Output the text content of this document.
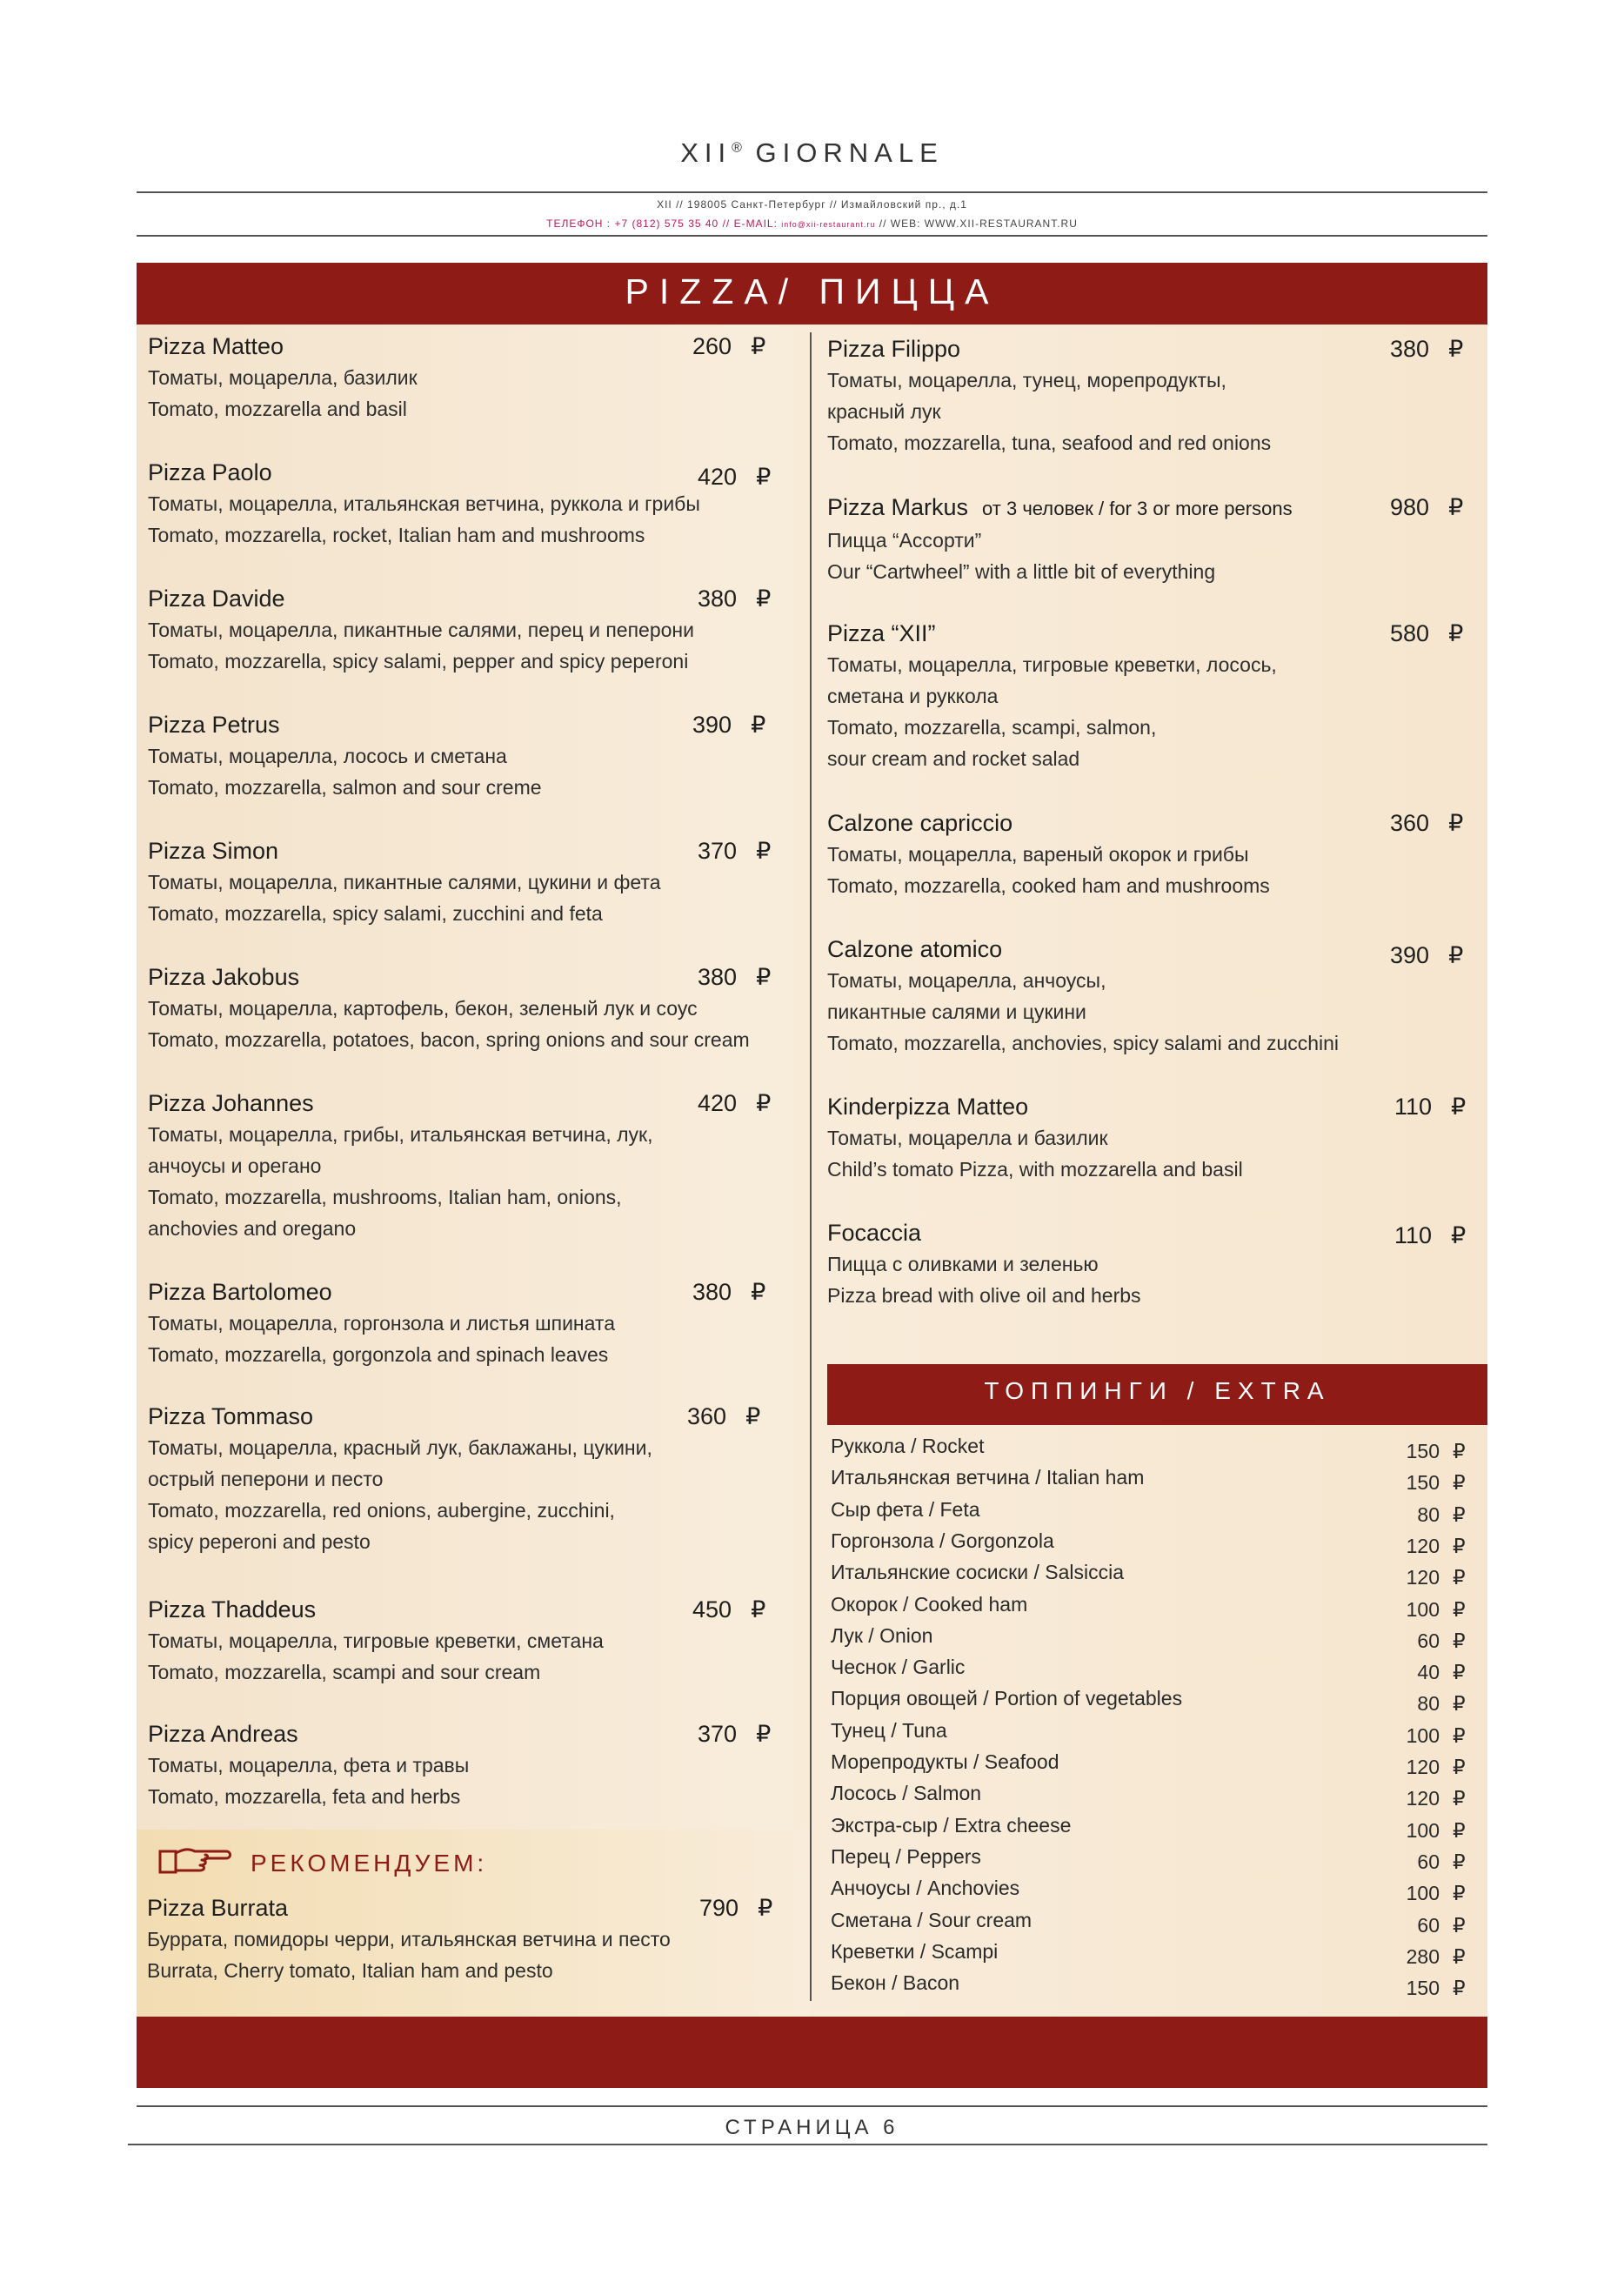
XII® GIORNALE
XII // 198005 Санкт-Петербург // Измайловский пр., д.1
ТЕЛЕФОН : +7 (812) 575 35 40 // E-MAIL: info@xii-restaurant.ru // WEB: WWW.XII-RESTAURANT.RU
PIZZA/ ПИЦЦА
Pizza Matteo
Томаты, моцарелла, базилик
Tomato, mozzarella and basil
260 ₽
Pizza Paolo
Томаты, моцарелла, итальянская ветчина, руккола и грибы
Tomato, mozzarella, rocket, Italian ham and mushrooms
420 ₽
Pizza Davide
Томаты, моцарелла, пикантные салями, перец и пеперони
Tomato, mozzarella, spicy salami, pepper and spicy peperoni
380 ₽
Pizza Petrus
Томаты, моцарелла, лосось и сметана
Tomato, mozzarella, salmon and sour creme
390 ₽
Pizza Simon
Томаты, моцарелла, пикантные салями, цукини и фета
Tomato, mozzarella, spicy salami, zucchini and feta
370 ₽
Pizza Jakobus
Томаты, моцарелла, картофель, бекон, зеленый лук и соус
Tomato, mozzarella, potatoes, bacon, spring onions and sour cream
380 ₽
Pizza Johannes
Томаты, моцарелла, грибы, итальянская ветчина, лук,
анчоусы и орегано
Tomato, mozzarella, mushrooms, Italian ham, onions,
anchovies and oregano
420 ₽
Pizza Bartolomeo
Томаты, моцарелла, горгонзола и листья шпината
Tomato, mozzarella, gorgonzola and spinach leaves
380 ₽
Pizza Tommaso
Томаты, моцарелла, красный лук, баклажаны, цукини,
острый пеперони и песто
Tomato, mozzarella, red onions, aubergine, zucchini,
spicy peperoni and pesto
360 ₽
Pizza Thaddeus
Томаты, моцарелла, тигровые креветки, сметана
Tomato, mozzarella, scampi and sour cream
450 ₽
Pizza Andreas
Томаты, моцарелла, фета и травы
Tomato, mozzarella, feta and herbs
370 ₽
РЕКОМЕНДУЕМ:
Pizza Burrata
Буррата, помидоры черри, итальянская ветчина и песто
Burrata, Cherry tomato, Italian ham and pesto
790 ₽
Pizza Filippo
Томаты, моцарелла, тунец, морепродукты,
красный лук
Tomato, mozzarella, tuna, seafood and red onions
380 ₽
Pizza Markus от 3 человек / for 3 or more persons
Пицца “Ассорти”
Our “Cartwheel” with a little bit of everything
980 ₽
Pizza “XII”
Томаты, моцарелла, тигровые креветки, лосось,
сметана и руккола
Tomato, mozzarella, scampi, salmon,
sour cream and rocket salad
580 ₽
Calzone capriccio
Томаты, моцарелла, вареный окорок и грибы
Tomato, mozzarella, cooked ham and mushrooms
360 ₽
Calzone atomico
Томаты, моцарелла, анчоусы,
пикантные салями и цукини
Tomato, mozzarella, anchovies, spicy salami and zucchini
390 ₽
Kinderpizza Matteo
Томаты, моцарелла и базилик
Child’s tomato Pizza, with mozzarella and basil
110 ₽
Focaccia
Пицца с оливками и зеленью
Pizza bread with olive oil and herbs
110 ₽
ТОППИНГИ / EXTRA
Руккола / Rocket	150 ₽
Итальянская ветчина / Italian ham	150 ₽
Сыр фета / Feta	80 ₽
Горгонзола / Gorgonzola	120 ₽
Итальянские сосиски / Salsiccia	120 ₽
Окорок / Cooked ham	100 ₽
Лук / Onion	60 ₽
Чеснок / Garlic	40 ₽
Порция овощей / Portion of vegetables	80 ₽
Тунец / Tuna	100 ₽
Морепродукты / Seafood	120 ₽
Лосось / Salmon	120 ₽
Экстра-сыр / Extra cheese	100 ₽
Перец / Peppers	60 ₽
Анчоусы / Anchovies	100 ₽
Сметана / Sour cream	60 ₽
Креветки / Scampi	280 ₽
Бекон / Bacon	150 ₽
СТРАНИЦА 6
